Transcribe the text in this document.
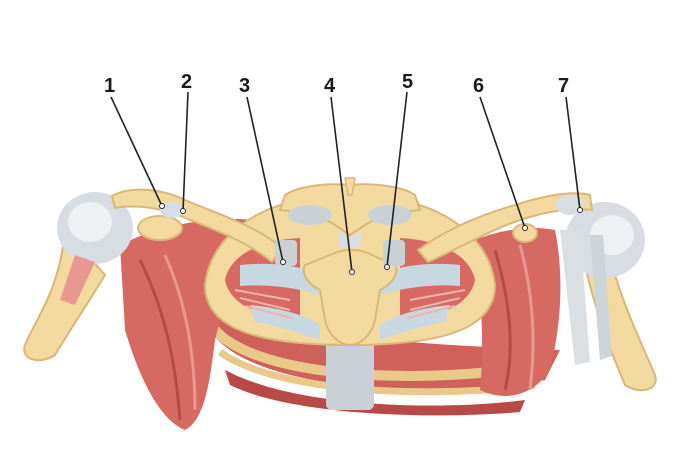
1	2 3	4	5	6	7
